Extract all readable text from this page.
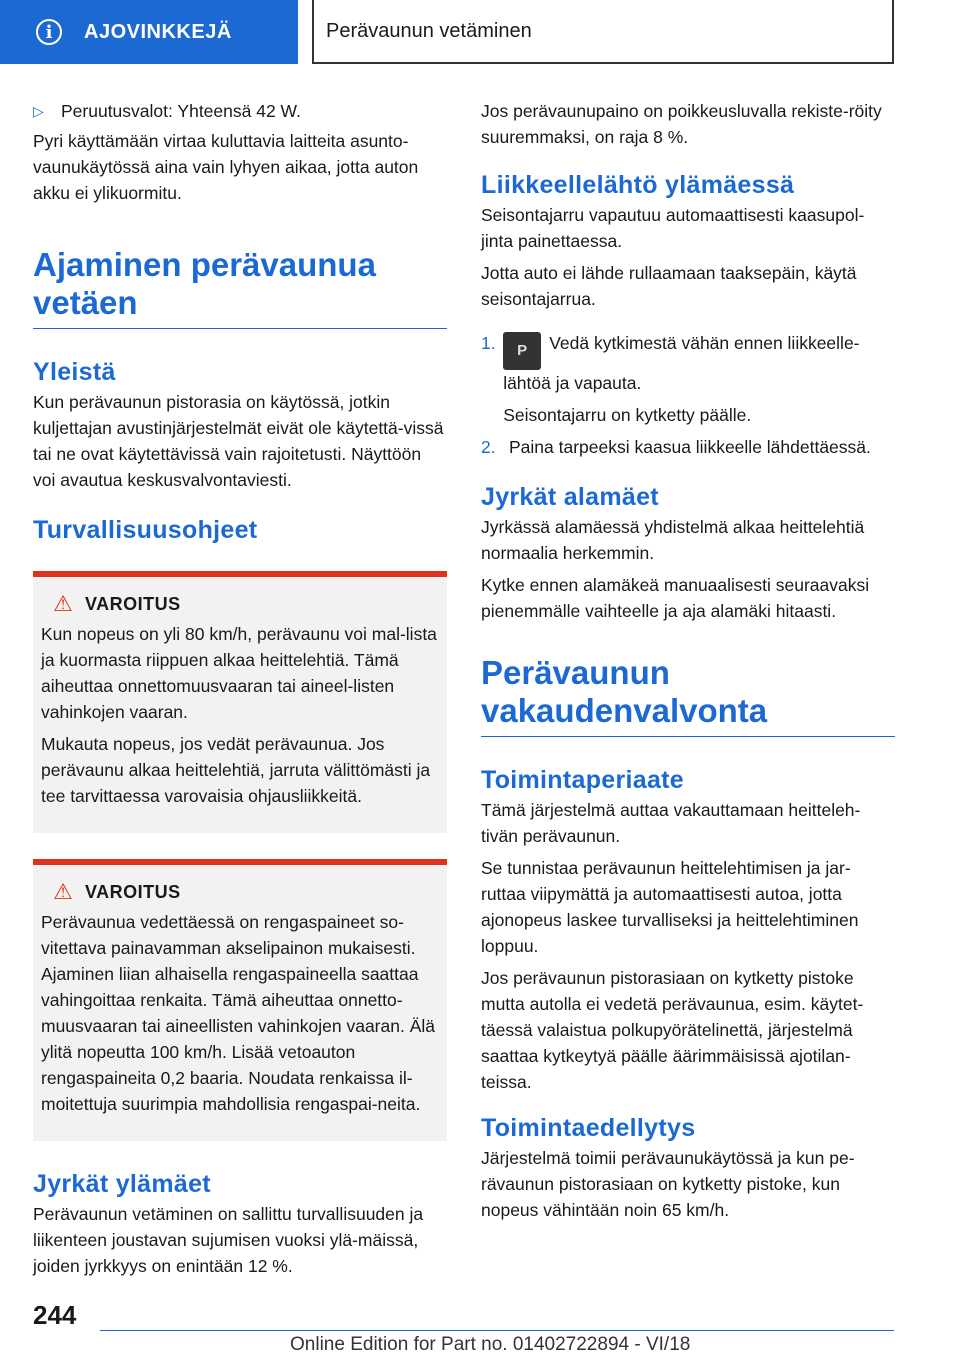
i	AJOVINKKEJÄ	Perävaunun vetäminen
▷ Peruutusvalot: Yhteensä 42 W.

Pyri käyttämään virtaa kuluttavia laitteita asunto-vaunukäytössä aina vain lyhyen aikaa, jotta auton akku ei ylikuormitu.

Ajaminen perävaunua vetäen
Yleistä

Kun perävaunun pistorasia on käytössä, jotkin kuljettajan avustinjärjestelmät eivät ole käytettä-vissä tai ne ovat käytettävissä vain rajoitetusti. Näyttöön voi avautua keskusvalvontaviesti.

Turvallisuusohjeet
⚠ VAROITUS

Kun nopeus on yli 80 km/h, perävaunu voi mal-lista ja kuormasta riippuen alkaa heittelehtiä. Tämä aiheuttaa onnettomuusvaaran tai aineel-listen vahinkojen vaaran.

Mukauta nopeus, jos vedät perävaunua. Jos perävaunu alkaa heittelehtiä, jarruta välittömästi ja tee tarvittaessa varovaisia ohjausliikkeitä.

⚠ VAROITUS

Perävaunua vedettäessä on rengaspaineet so-vitettava painavamman akselipainon mukaisesti. Ajaminen liian alhaisella rengaspaineella saattaa vahingoittaa renkaita. Tämä aiheuttaa onnetto-muusvaaran tai aineellisten vahinkojen vaaran. Älä ylitä nopeutta 100 km/h. Lisää vetoauton rengaspaineita 0,2 baaria. Noudata renkaissa il-moitettuja suurimpia mahdollisia rengaspai-neita.

Jyrkät ylämäet

Perävaunun vetäminen on sallittu turvallisuuden ja liikenteen joustavan sujumisen vuoksi ylä-mäissä, joiden jyrkkyys on enintään 12 %.

Jos perävaunupaino on poikkeusluvalla rekiste-röity suuremmaksi, on raja 8 %.

Liikkeellelähtö ylämäessä

Seisontajarru vapautuu automaattisesti kaasupol-jinta painettaessa.

Jotta auto ei lähde rullaamaan taaksepäin, käytä seisontajarrua.

1.	P Vedä kytkimestä vähän ennen liikkeelle-lähtöä ja vapauta.
Seisontajarru on kytketty päälle.
2. Paina tarpeeksi kaasua liikkeelle lähdettäessä.
Jyrkät alamäet

Jyrkässä alamäessä yhdistelmä alkaa heittelehtiä normaalia herkemmin.

Kytke ennen alamäkeä manuaalisesti seuraavaksi pienemmälle vaihteelle ja aja alamäki hitaasti.

Perävaunun vakaudenvalvonta
Toimintaperiaate

Tämä järjestelmä auttaa vakauttamaan heitteleh-tivän perävaunun.

Se tunnistaa perävaunun heittelehtimisen ja jar-ruttaa viipymättä ja automaattisesti autoa, jotta ajonopeus laskee turvalliseksi ja heittelehtiminen loppuu.

Jos perävaunun pistorasiaan on kytketty pistoke mutta autolla ei vedetä perävaunua, esim. käytet-täessä valaistua polkupyörätelinettä, järjestelmä saattaa kytkeytyä päälle äärimmäisissä ajotilan-teissa.

Toimintaedellytys

Järjestelmä toimii perävaunukäytössä ja kun pe-rävaunun pistorasiaan on kytketty pistoke, kun nopeus vähintään noin 65 km/h.

244
Online Edition for Part no. 01402722894 - VI/18
